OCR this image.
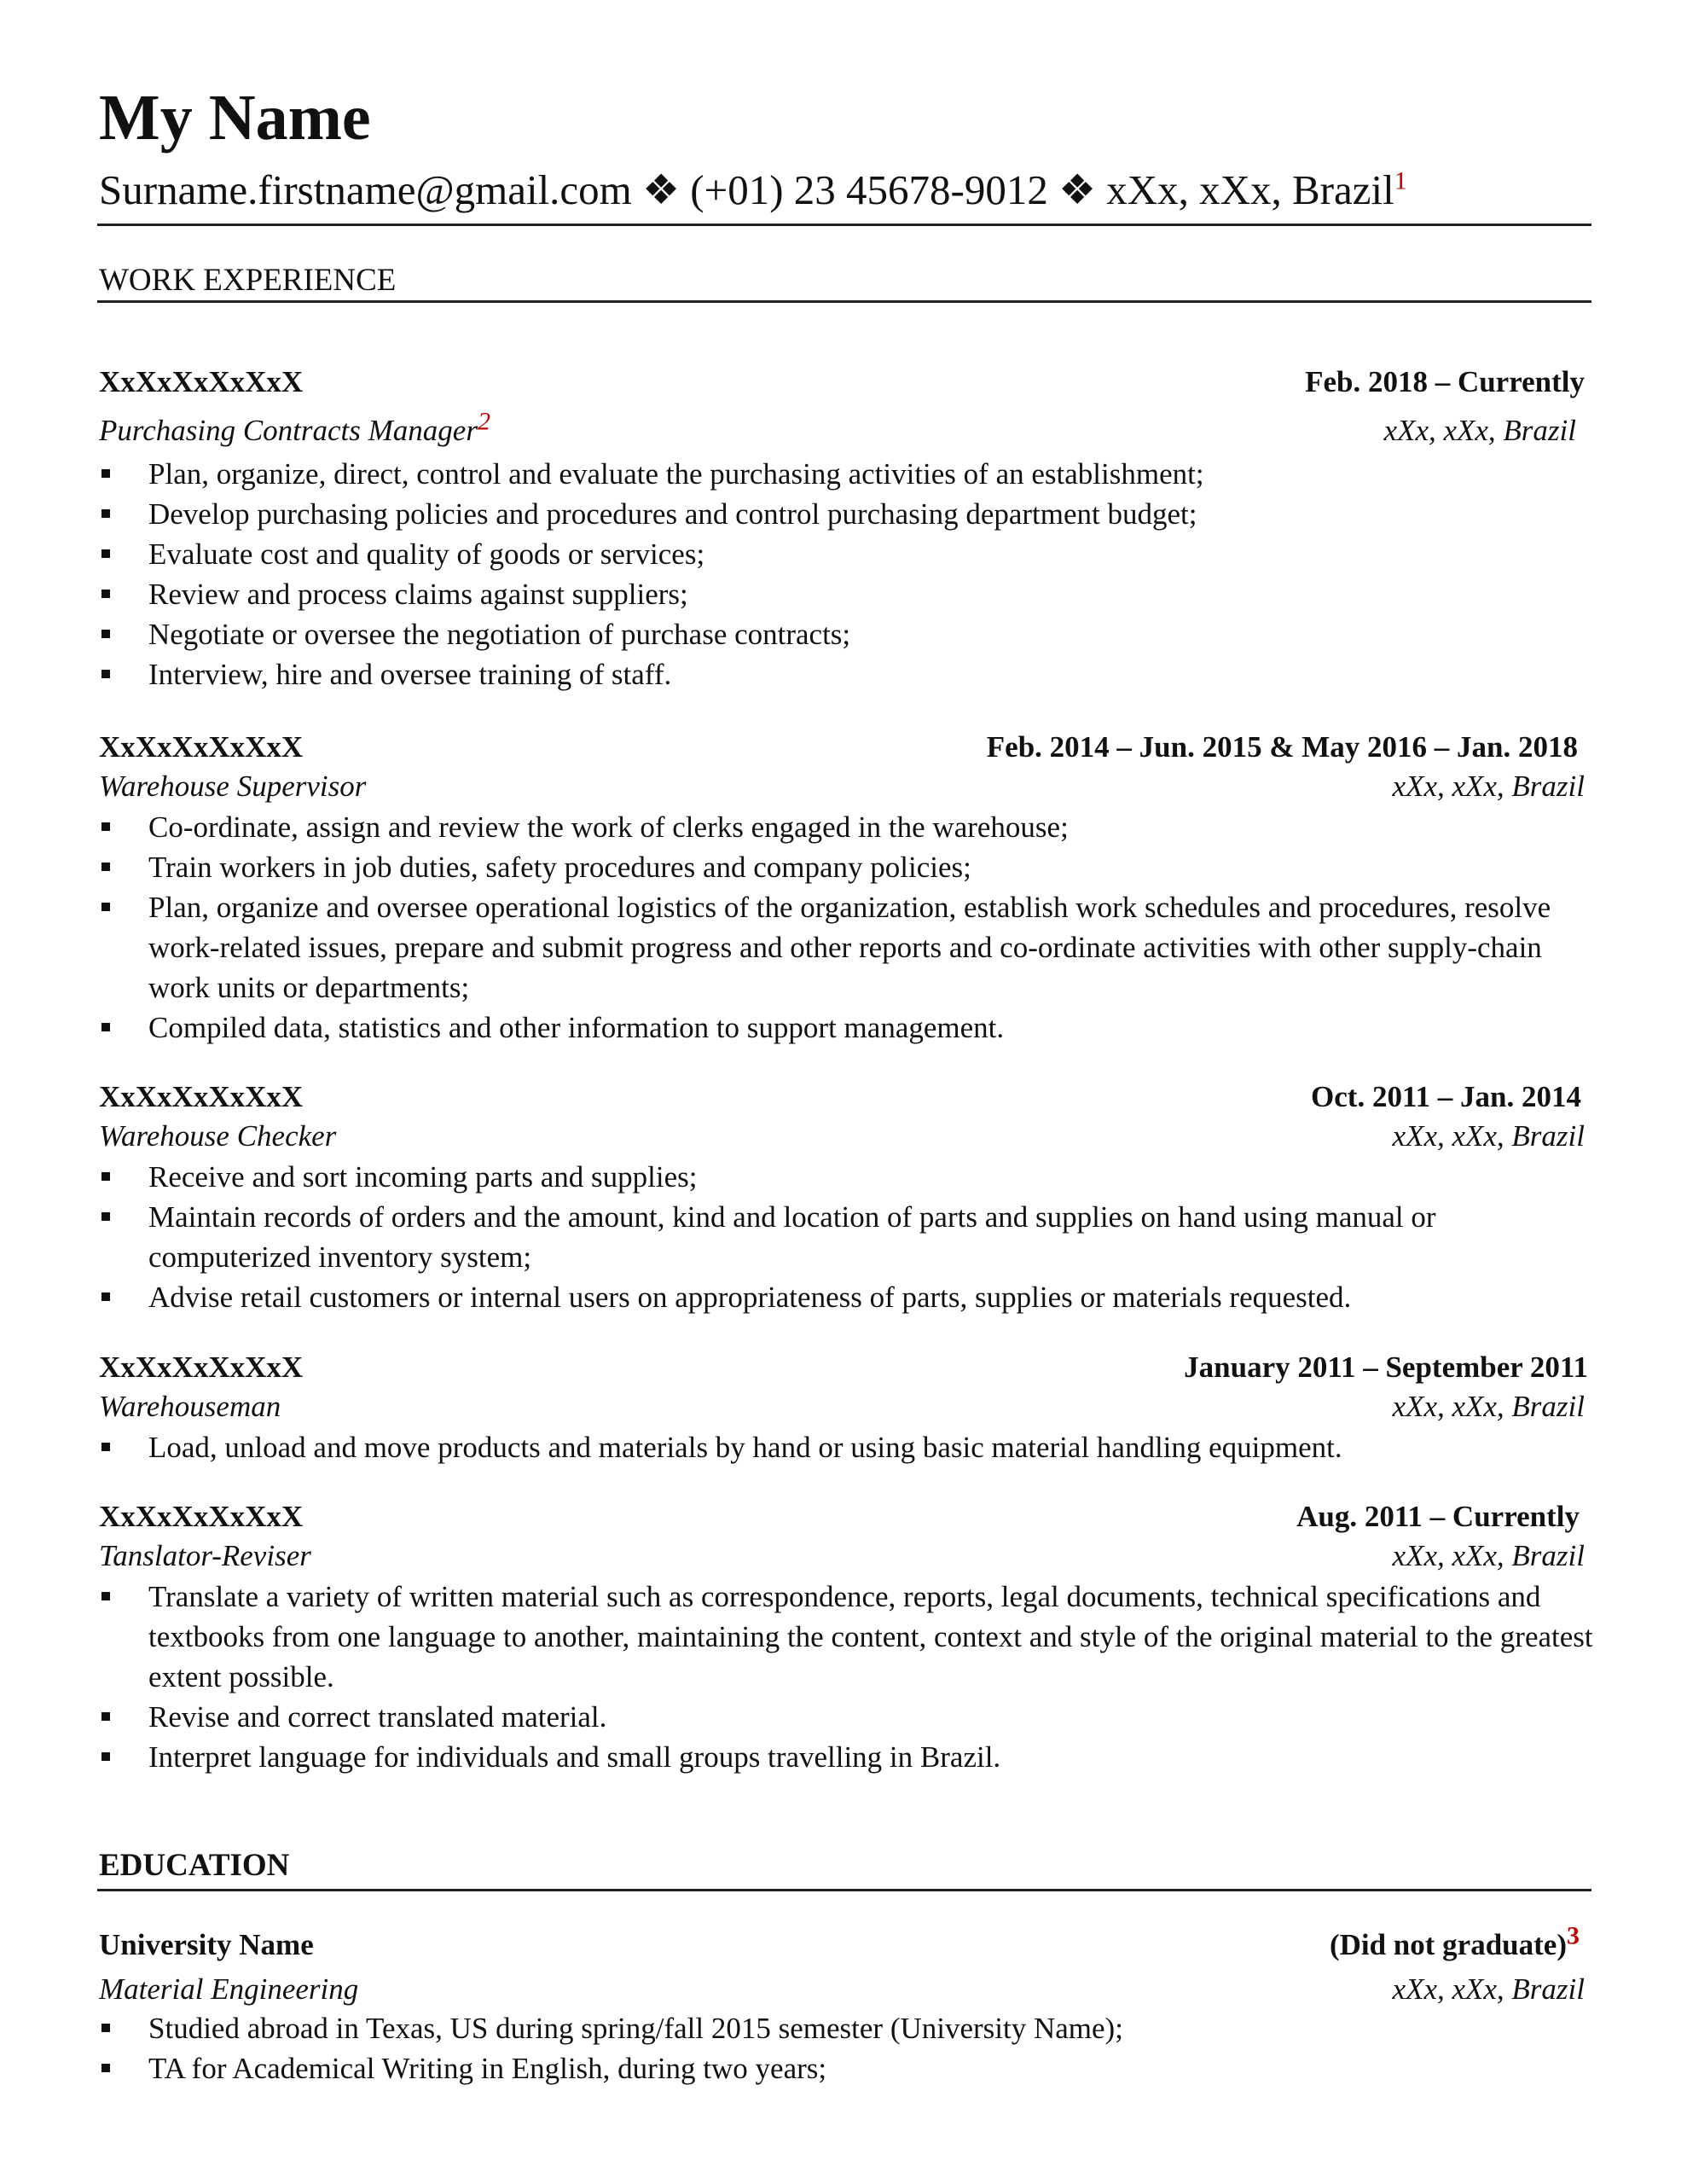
My Name
Surname.firstname@gmail.com ❖ (+01) 23 45678-9012 ❖ xXx, xXx, Brazil$^1$
WORK EXPERIENCE
XxXxXxXxXxX	Feb. 2018 – Currently
Purchasing Contracts Manager2	xXx, xXx, Brazil
Plan, organize, direct, control and evaluate the purchasing activities of an establishment;
Develop purchasing policies and procedures and control purchasing department budget;
Evaluate cost and quality of goods or services;
Review and process claims against suppliers;
Negotiate or oversee the negotiation of purchase contracts;
Interview, hire and oversee training of staff.
XxXxXxXxXxX	Feb. 2014 – Jun. 2015 & May 2016 – Jan. 2018
Warehouse Supervisor	xXx, xXx, Brazil
Co-ordinate, assign and review the work of clerks engaged in the warehouse;
Train workers in job duties, safety procedures and company policies;
Plan, organize and oversee operational logistics of the organization, establish work schedules and procedures, resolve work-related issues, prepare and submit progress and other reports and co-ordinate activities with other supply-chain work units or departments;
Compiled data, statistics and other information to support management.
XxXxXxXxXxX	Oct. 2011 – Jan. 2014
Warehouse Checker	xXx, xXx, Brazil
Receive and sort incoming parts and supplies;
Maintain records of orders and the amount, kind and location of parts and supplies on hand using manual or computerized inventory system;
Advise retail customers or internal users on appropriateness of parts, supplies or materials requested.
XxXxXxXxXxX	January 2011 – September 2011
Warehouseman	xXx, xXx, Brazil
Load, unload and move products and materials by hand or using basic material handling equipment.
XxXxXxXxXxX	Aug. 2011 – Currently
Tanslator-Reviser	xXx, xXx, Brazil
Translate a variety of written material such as correspondence, reports, legal documents, technical specifications and textbooks from one language to another, maintaining the content, context and style of the original material to the greatest extent possible.
Revise and correct translated material.
Interpret language for individuals and small groups travelling in Brazil.
EDUCATION
University Name	(Did not graduate)3
Material Engineering	xXx, xXx, Brazil
Studied abroad in Texas, US during spring/fall 2015 semester (University Name);
TA for Academical Writing in English, during two years;
